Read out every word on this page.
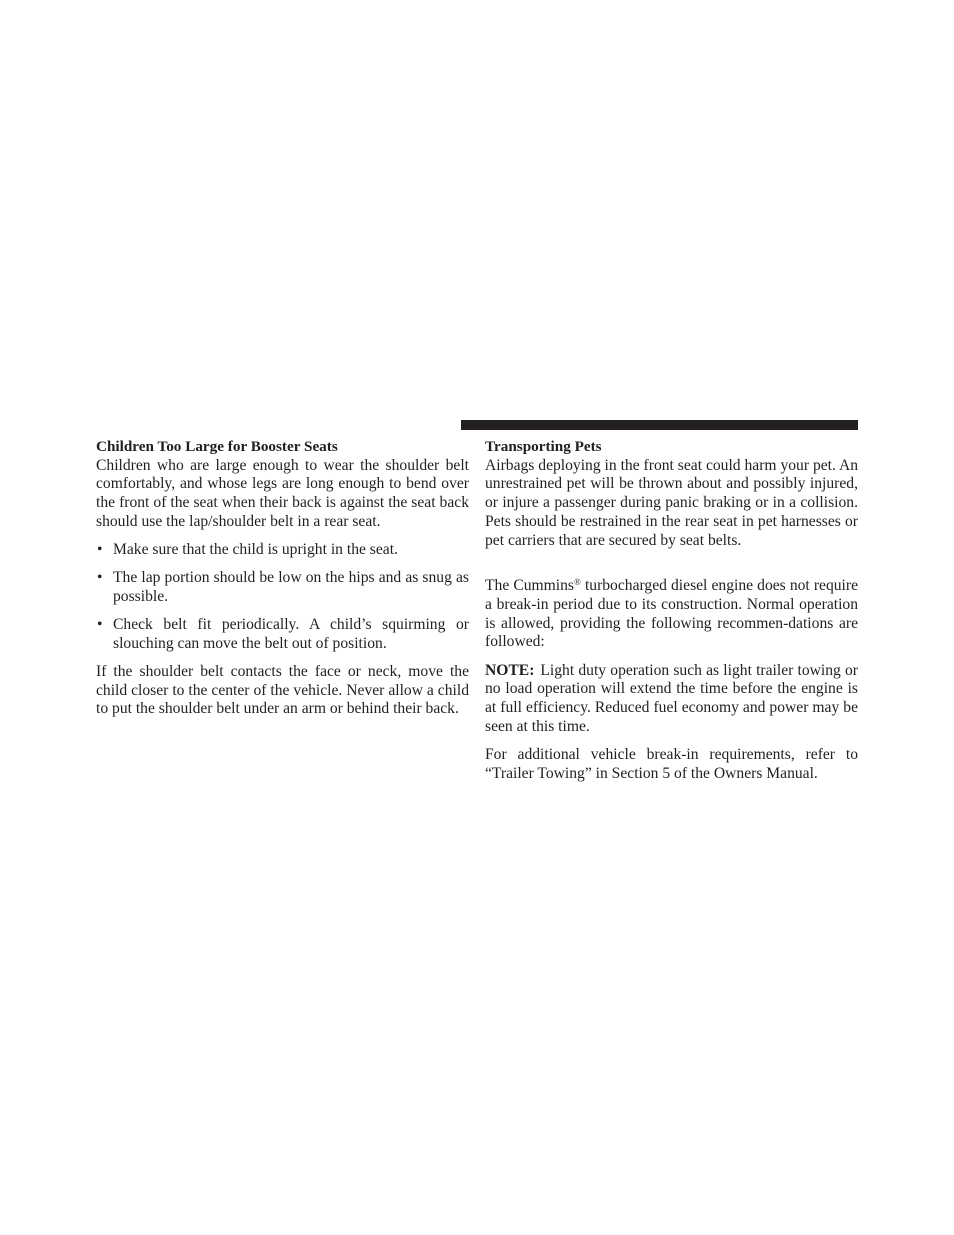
Children Too Large for Booster Seats

Children who are large enough to wear the shoulder belt comfortably, and whose legs are long enough to bend over the front of the seat when their back is against the seat back should use the lap/shoulder belt in a rear seat.

• Make sure that the child is upright in the seat.
• The lap portion should be low on the hips and as snug as possible.
• Check belt fit periodically. A child’s squirming or slouching can move the belt out of position.

If the shoulder belt contacts the face or neck, move the child closer to the center of the vehicle. Never allow a child to put the shoulder belt under an arm or behind their back.

Transporting Pets

Airbags deploying in the front seat could harm your pet. An unrestrained pet will be thrown about and possibly injured, or injure a passenger during panic braking or in a collision. Pets should be restrained in the rear seat in pet harnesses or pet carriers that are secured by seat belts.

The Cummins® turbocharged diesel engine does not require a break-in period due to its construction. Normal operation is allowed, providing the following recommen-dations are followed:

NOTE: Light duty operation such as light trailer towing or no load operation will extend the time before the engine is at full efficiency. Reduced fuel economy and power may be seen at this time.

For additional vehicle break-in requirements, refer to “Trailer Towing” in Section 5 of the Owners Manual.
